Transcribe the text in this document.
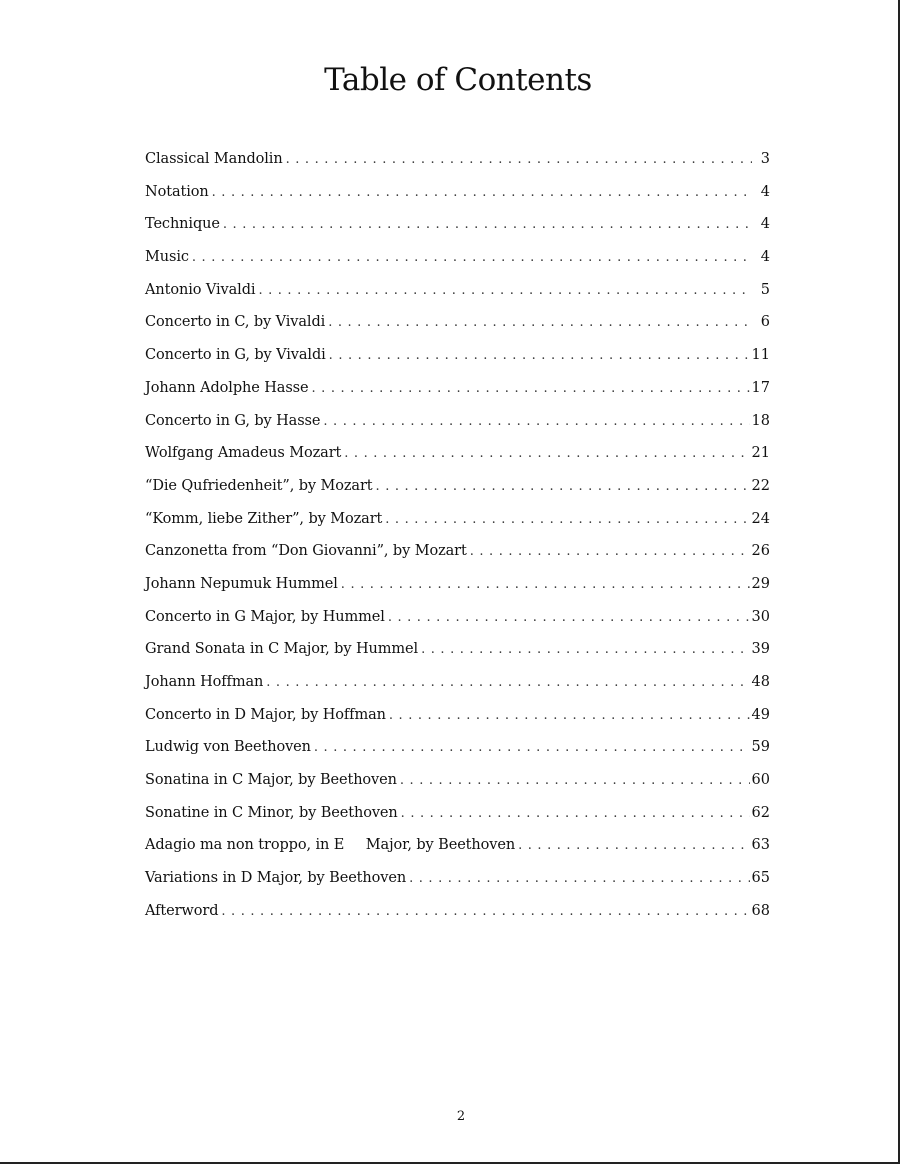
Table of Contents
Classical Mandolin . . .	3
Notation . . .	4
Technique . . .	4
Music . . .	4
Antonio Vivaldi . . .	5
Concerto in C, by Vivaldi . . .	6
Concerto in G, by Vivaldi . . .	11
Johann Adolphe Hasse . . .	17
Concerto in G, by Hasse . . .	18
Wolfgang Amadeus Mozart . . .	21
“Die Qufriedenheit”, by Mozart . . .	22
“Komm, liebe Zither”, by Mozart . . .	24
Canzonetta from “Don Giovanni”, by Mozart . . .	26
Johann Nepumuk Hummel . . .	29
Concerto in G Major, by Hummel . . .	30
Grand Sonata in C Major, by Hummel . . .	39
Johann Hoffman . . .	48
Concerto in D Major, by Hoffman . . .	49
Ludwig von Beethoven . . .	59
Sonatina in C Major, by Beethoven . . .	60
Sonatine in C Minor, by Beethoven . . .	62
Adagio ma non troppo, in E  Major, by Beethoven . . .	63
Variations in D Major, by Beethoven . . .	65
Afterword . . .	68
2
